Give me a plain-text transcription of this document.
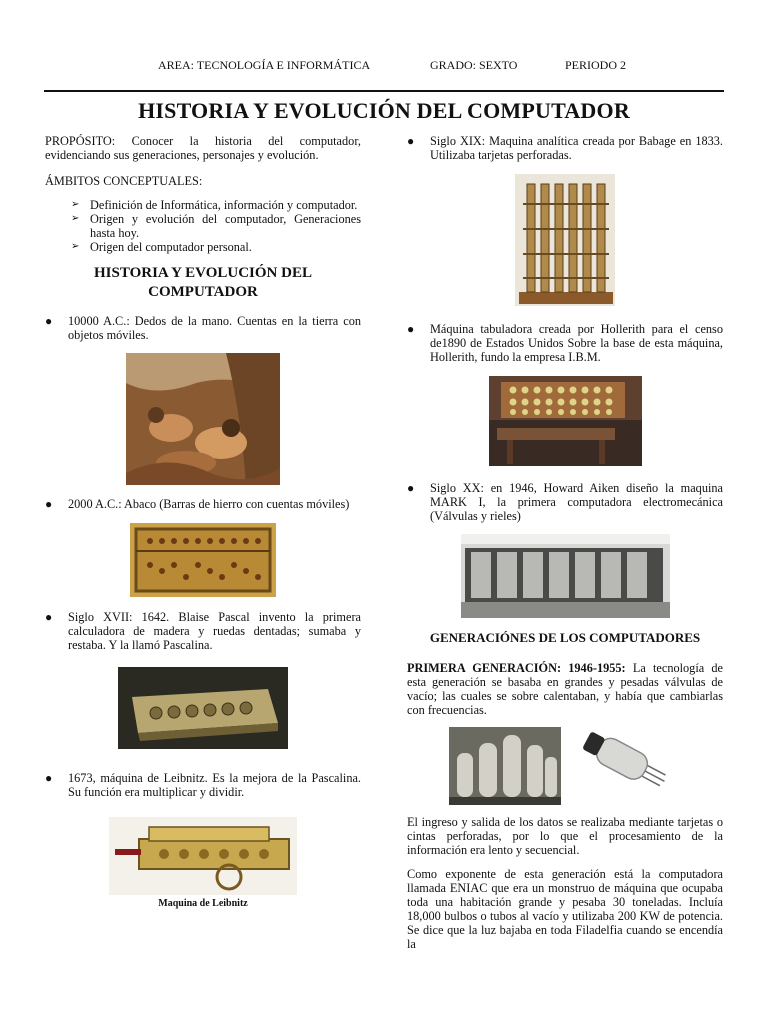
AREA: TECNOLOGÍA E INFORMÁTICA	GRADO: SEXTO	PERIODO 2
HISTORIA Y EVOLUCIÓN DEL COMPUTADOR

PROPÓSITO: Conocer la historia del computador, evidenciando sus generaciones, personajes y evolución.

ÁMBITOS CONCEPTUALES:

➢ Definición de Informática, información y computador.
➢ Origen y evolución del computador, Generaciones hasta hoy.
➢ Origen del computador personal.
HISTORIA Y EVOLUCIÓN DEL COMPUTADOR
● 10000 A.C.: Dedos de la mano. Cuentas en la tierra con objetos móviles.
● 2000 A.C.: Abaco (Barras de hierro con cuentas móviles)
● Siglo XVII: 1642. Blaise Pascal invento la primera calculadora de madera y ruedas dentadas; sumaba y restaba. Y la llamó Pascalina.
● 1673, máquina de Leibnitz. Es la mejora de la Pascalina. Su función era multiplicar y dividir.
Maquina de Leibnitz
● Siglo XIX: Maquina analítica creada por Babage en 1833. Utilizaba tarjetas perforadas.
● Máquina tabuladora creada por Hollerith para el censo de1890 de Estados Unidos Sobre la base de esta máquina, Hollerith, fundo la empresa I.B.M.
● Siglo XX: en 1946, Howard Aiken diseño la maquina MARK I, la primera computadora electromecánica (Válvulas y rieles)
GENERACIÓNES DE LOS COMPUTADORES

PRIMERA GENERACIÓN: 1946-1955: La tecnología de esta generación se basaba en grandes y pesadas válvulas de vacío; las cuales se sobre calentaban, y había que cambiarlas con frecuencias.

El ingreso y salida de los datos se realizaba mediante tarjetas o cintas perforadas, por lo que el procesamiento de la información era lento y secuencial.

Como exponente de esta generación está la computadora llamada ENIAC que era un monstruo de máquina que ocupaba toda una habitación grande y pesaba 30 toneladas. Incluía 18,000 bulbos o tubos al vacío y utilizaba 200 KW de potencia. Se dice que la luz bajaba en toda Filadelfia cuando se encendía la
